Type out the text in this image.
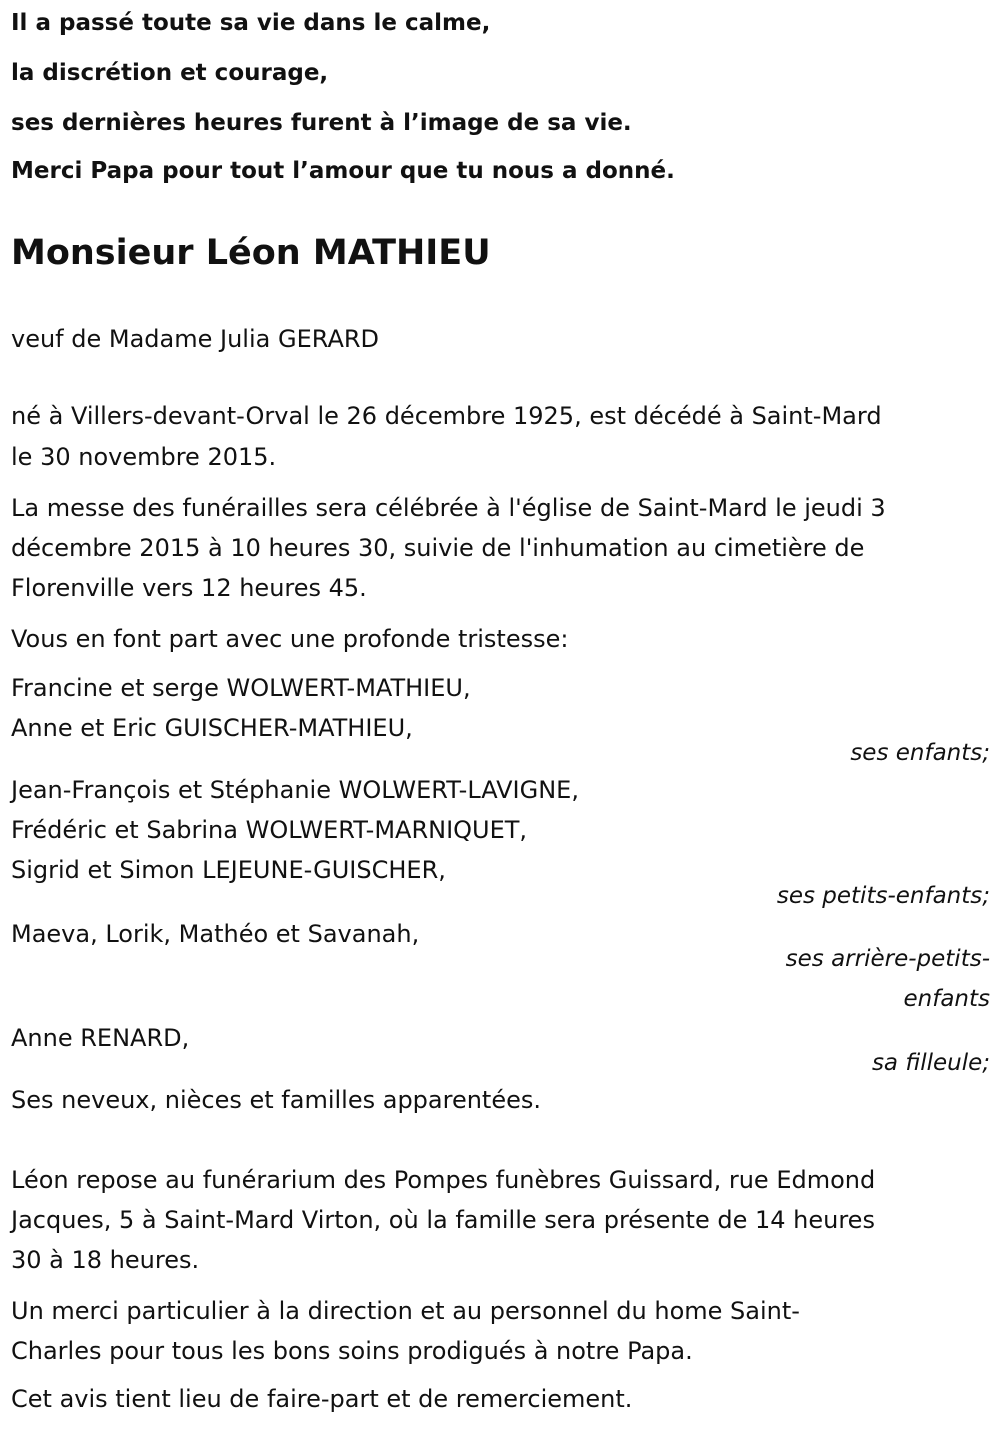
Il a passé toute sa vie dans le calme,
la discrétion et courage,
ses dernières heures furent à l’image de sa vie.
Merci Papa pour tout l’amour que tu nous a donné.
Monsieur Léon MATHIEU
veuf de Madame Julia GERARD
né à Villers-devant-Orval le 26 décembre 1925, est décédé à Saint-Mard
le 30 novembre 2015.
La messe des funérailles sera célébrée à l'église de Saint-Mard le jeudi 3
décembre 2015 à 10 heures 30, suivie de l'inhumation au cimetière de
Florenville vers 12 heures 45.
Vous en font part avec une profonde tristesse:
Francine et serge WOLWERT-MATHIEU,
Anne et Eric GUISCHER-MATHIEU,
ses enfants;
Jean-François et Stéphanie WOLWERT-LAVIGNE,
Frédéric et Sabrina WOLWERT-MARNIQUET,
Sigrid et Simon LEJEUNE-GUISCHER,
ses petits-enfants;
Maeva, Lorik, Mathéo et Savanah,
ses arrière-petits-
enfants
Anne RENARD,
sa filleule;
Ses neveux, nièces et familles apparentées.
Léon repose au funérarium des Pompes funèbres Guissard, rue Edmond
Jacques, 5 à Saint-Mard Virton, où la famille sera présente de 14 heures
30 à 18 heures.
Un merci particulier à la direction et au personnel du home Saint-
Charles pour tous les bons soins prodigués à notre Papa.
Cet avis tient lieu de faire-part et de remerciement.
